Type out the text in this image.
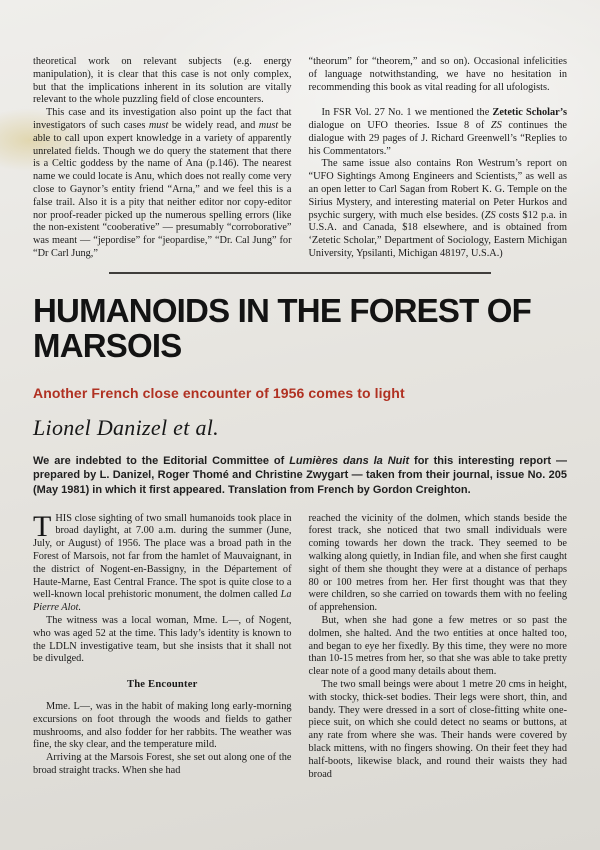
theoretical work on relevant subjects (e.g. energy manipulation), it is clear that this case is not only complex, but that the implications inherent in its solution are vitally relevant to the whole puzzling field of close encounters.

This case and its investigation also point up the fact that investigators of such cases must be widely read, and must be able to call upon expert knowledge in a variety of apparently unrelated fields. Though we do query the statement that there is a Celtic goddess by the name of Ana (p.146). The nearest name we could locate is Anu, which does not really come very close to Gaynor’s entity friend “Arna,” and we feel this is a false trail. Also it is a pity that neither editor nor copy-editor nor proof-reader picked up the numerous spelling errors (like the non-existent “cooberative” — presumably “corroborative” was meant — “jepordise” for “jeopardise,” “Dr. Cal Jung” for “Dr Carl Jung,”

“theorum” for “theorem,” and so on). Occasional infelicities of language notwithstanding, we have no hesitation in recommending this book as vital reading for all ufologists.

In FSR Vol. 27 No. 1 we mentioned the Zetetic Scholar’s dialogue on UFO theories. Issue 8 of ZS continues the dialogue with 29 pages of J. Richard Greenwell’s “Replies to his Commentators.”

The same issue also contains Ron Westrum’s report on “UFO Sightings Among Engineers and Scientists,” as well as an open letter to Carl Sagan from Robert K. G. Temple on the Sirius Mystery, and interesting material on Peter Hurkos and psychic surgery, with much else besides. (ZS costs $12 p.a. in U.S.A. and Canada, $18 elsewhere, and is obtained from ‘Zetetic Scholar,” Department of Sociology, Eastern Michigan University, Ypsilanti, Michigan 48197, U.S.A.)

HUMANOIDS IN THE FOREST OF MARSOIS
Another French close encounter of 1956 comes to light
Lionel Danizel et al.

We are indebted to the Editorial Committee of Lumières dans la Nuit for this interesting report — prepared by L. Danizel, Roger Thomé and Christine Zwygart — taken from their journal, issue No. 205 (May 1981) in which it first appeared. Translation from French by Gordon Creighton.

THIS close sighting of two small humanoids took place in broad daylight, at 7.00 a.m. during the summer (June, July, or August) of 1956. The place was a broad path in the Forest of Marsois, not far from the hamlet of Mauvaignant, in the district of Nogent-en-Bassigny, in the Département of Haute-Marne, East Central France. The spot is quite close to a well-known local prehistoric monument, the dolmen called La Pierre Alot.

The witness was a local woman, Mme. L—, of Nogent, who was aged 52 at the time. This lady’s identity is known to the LDLN investigative team, but she insists that it shall not be divulged.

The Encounter

Mme. L—, was in the habit of making long early-morning excursions on foot through the woods and fields to gather mushrooms, and also fodder for her rabbits. The weather was fine, the sky clear, and the temperature mild.

Arriving at the Marsois Forest, she set out along one of the broad straight tracks. When she had

reached the vicinity of the dolmen, which stands beside the forest track, she noticed that two small individuals were coming towards her down the track. They seemed to be walking along quietly, in Indian file, and when she first caught sight of them she thought they were at a distance of perhaps 80 or 100 metres from her. Her first thought was that they were children, so she carried on towards them with no feeling of apprehension.

But, when she had gone a few metres or so past the dolmen, she halted. And the two entities at once halted too, and began to eye her fixedly. By this time, they were no more than 10-15 metres from her, so that she was able to take pretty clear note of a good many details about them.

The two small beings were about 1 metre 20 cms in height, with stocky, thick-set bodies. Their legs were short, thin, and bandy. They were dressed in a sort of close-fitting white one-piece suit, on which she could detect no seams or buttons, at any rate from where she was. Their hands were covered by black mittens, with no fingers showing. On their feet they had half-boots, likewise black, and round their waists they had broad
